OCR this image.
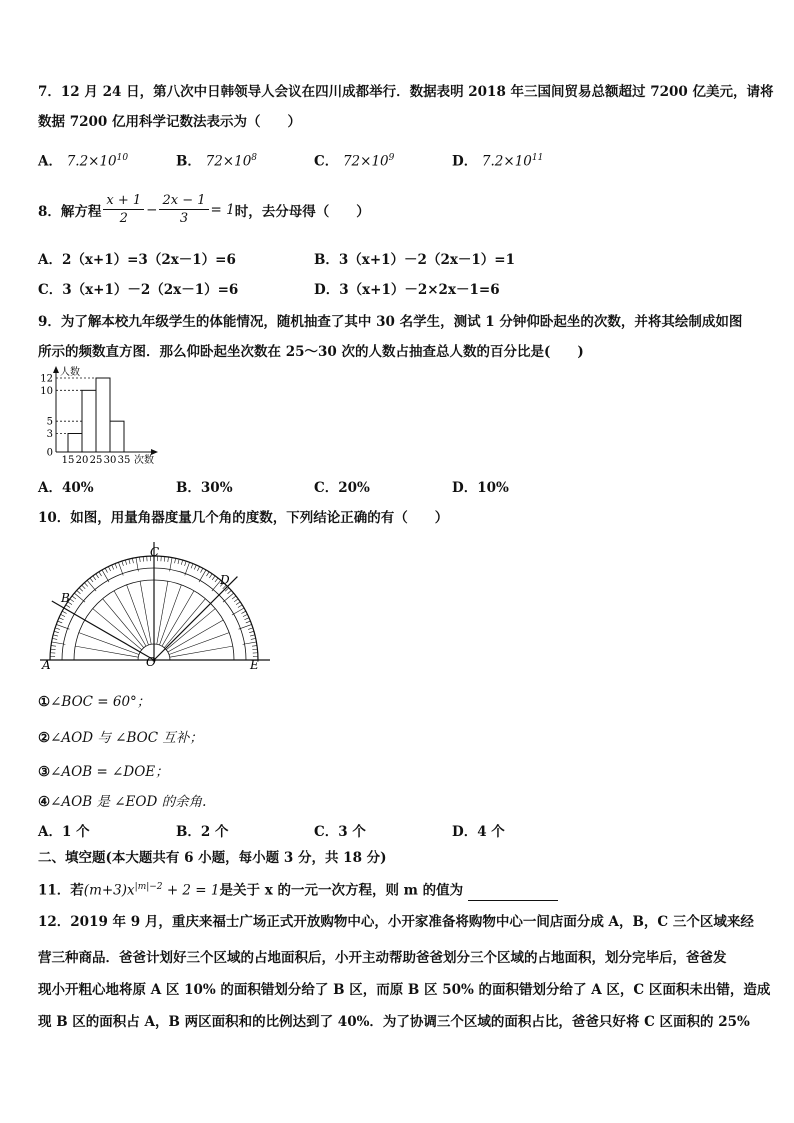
7．12 月 24 日，第八次中日韩领导人会议在四川成都举行．数据表明 2018 年三国间贸易总额超过 7200 亿美元，请将
数据 7200 亿用科学记数法表示为（　　）
A． $7.2\times 10^{10}$	B． $72\times 10^8$	C． $72\times 10^9$	D． $7.2\times 10^{11}$
8．解方程 $\frac{x + 1}{2} - \frac{2x - 1}{3} = 1$ 时，去分母得（　　）
A．2（x+1）=3（2x－1）=6	B．3（x+1）－2（2x－1）=1
C．3（x+1）－2（2x－1）=6	D．3（x+1）－2×2x－1=6
9．为了解本校九年级学生的体能情况，随机抽查了其中 30 名学生，测试 1 分钟仰卧起坐的次数，并将其绘制成如图
所示的频数直方图．那么仰卧起坐次数在 25～30 次的人数占抽查总人数的百分比是(　　)
0
3
5
10
12
15 20 25 30 35
人数
次数
A．40%	B．30%	C．20%	D．10%
10．如图，用量角器度量几个角的度数，下列结论正确的有（　　）
A
B
C
D
E
O
①∠BOC = 60°；
②∠AOD 与 ∠BOC 互补；
③∠AOB = ∠DOE；
④∠AOB 是 ∠EOD 的余角.
A．1 个	B．2 个	C．3 个	D．4 个
二、填空题(本大题共有 6 小题，每小题 3 分，共 18 分)
11．若$(m+3)x^{|m|-2} + 2 = 1$是关于 x 的一元一次方程，则 m 的值为
12．2019 年 9 月，重庆来福士广场正式开放购物中心，小开家准备将购物中心一间店面分成 A，B，C 三个区域来经
营三种商品．爸爸计划好三个区域的占地面积后，小开主动帮助爸爸划分三个区域的占地面积，划分完毕后，爸爸发
现小开粗心地将原 A 区 10% 的面积错划分给了 B 区，而原 B 区 50% 的面积错划分给了 A 区，C 区面积未出错，造成
现 B 区的面积占 A，B 两区面积和的比例达到了 40%．为了协调三个区域的面积占比，爸爸只好将 C 区面积的 25%
